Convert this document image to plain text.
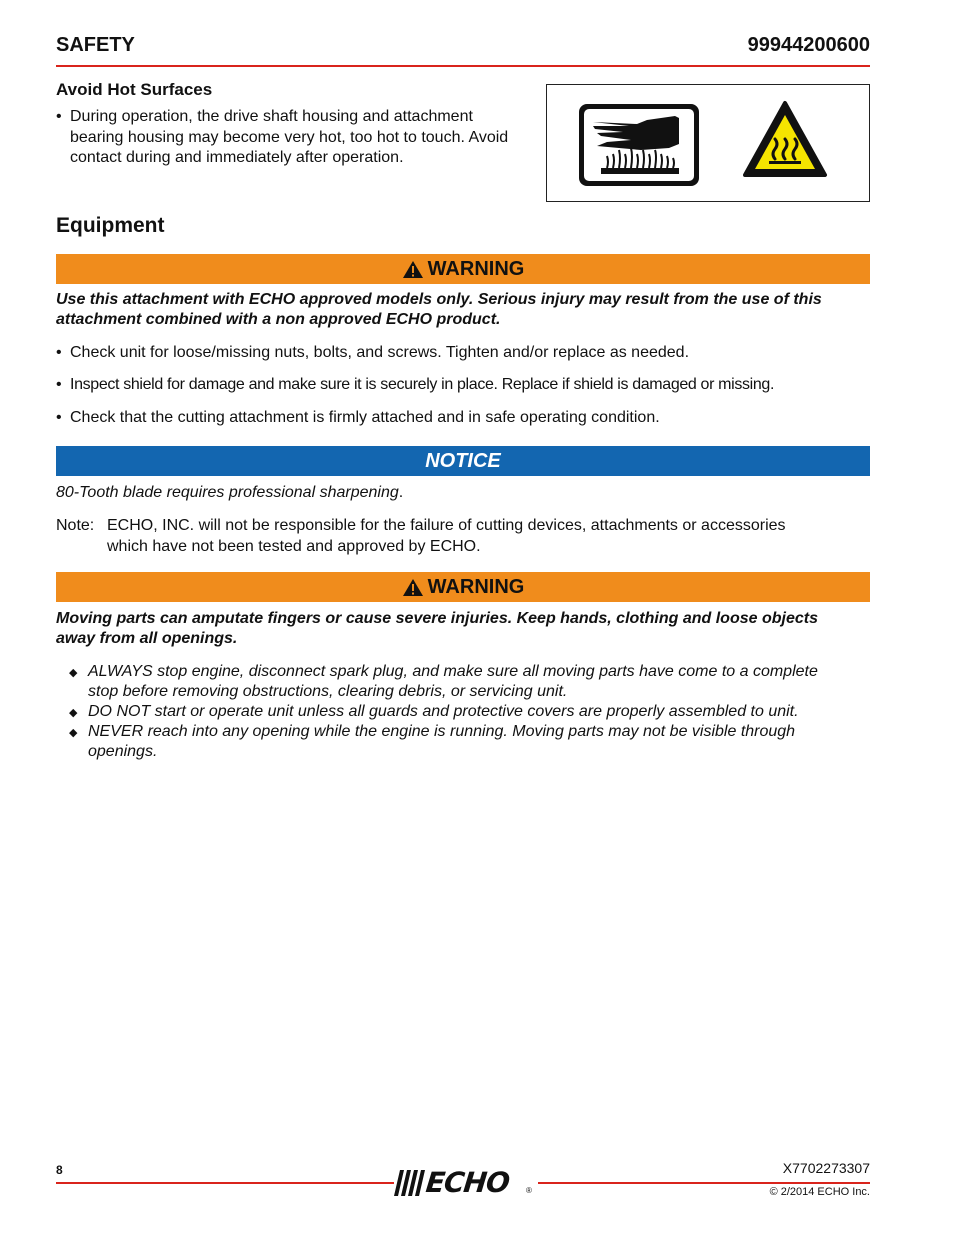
SAFETY	99944200600
Avoid Hot Surfaces
• During operation, the drive shaft housing and attachment
bearing housing may become very hot, too hot to touch. Avoid
contact during and immediately after operation.
Equipment
WARNING
Use this attachment with ECHO approved models only. Serious injury may result from the use of this
attachment combined with a non approved ECHO product.
• Check unit for loose/missing nuts, bolts, and screws. Tighten and/or replace as needed.
• Inspect shield for damage and make sure it is securely in place. Replace if shield is damaged or missing.
• Check that the cutting attachment is firmly attached and in safe operating condition.
NOTICE
80-Tooth blade requires professional sharpening.
Note: ECHO, INC. will not be responsible for the failure of cutting devices, attachments or accessories
which have not been tested and approved by ECHO.
WARNING
Moving parts can amputate fingers or cause severe injuries. Keep hands, clothing and loose objects
away from all openings.
◆ ALWAYS stop engine, disconnect spark plug, and make sure all moving parts have come to a complete
stop before removing obstructions, clearing debris, or servicing unit.
◆ DO NOT start or operate unit unless all guards and protective covers are properly assembled to unit.
◆ NEVER reach into any opening while the engine is running. Moving parts may not be visible through
openings.
8	ECHO ®
X7702273307
© 2/2014 ECHO Inc.
